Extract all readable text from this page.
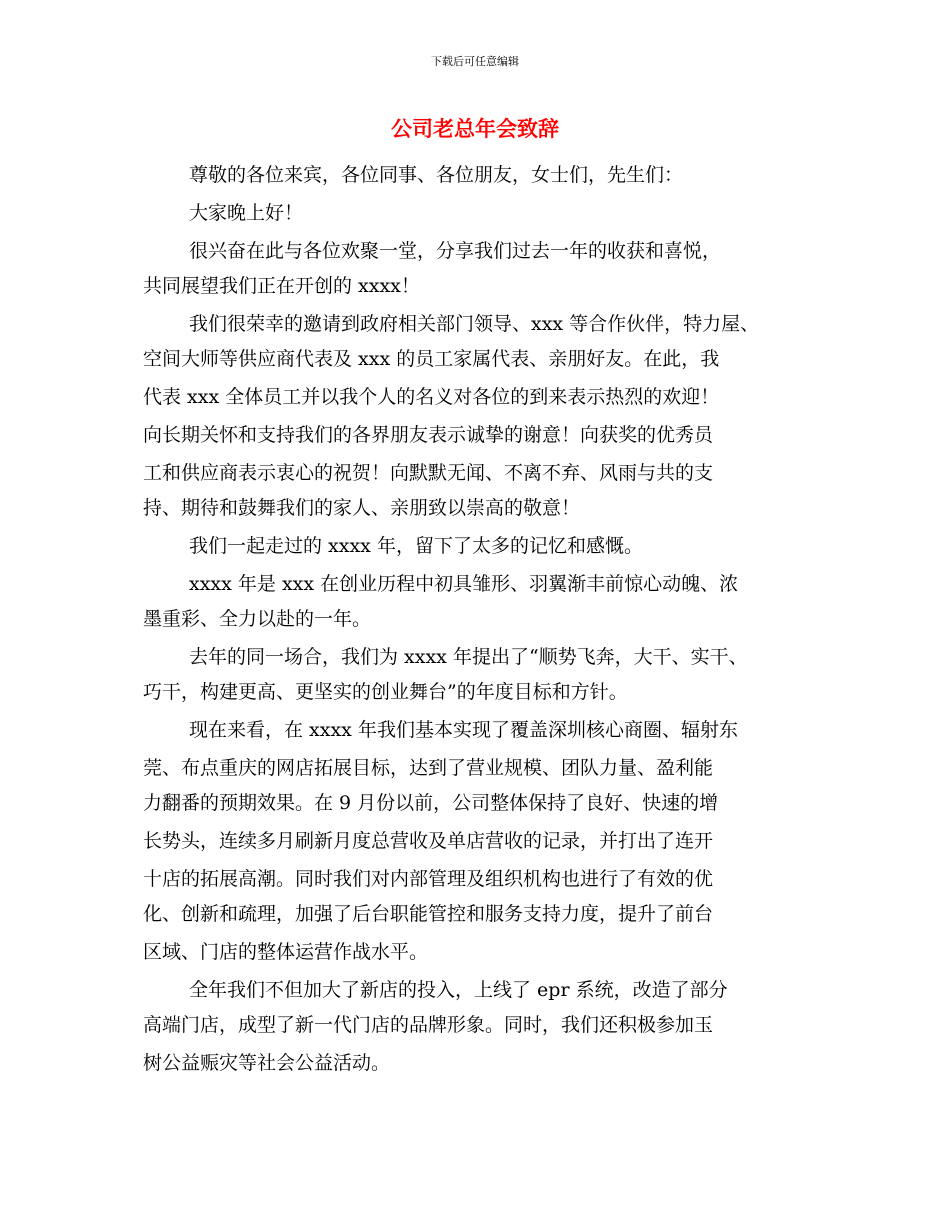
下载后可任意编辑
公司老总年会致辞
尊敬的各位来宾，各位同事、各位朋友，女士们，先生们：
大家晚上好！
很兴奋在此与各位欢聚一堂，分享我们过去一年的收获和喜悦，
共同展望我们正在开创的 xxxx！
我们很荣幸的邀请到政府相关部门领导、xxx 等合作伙伴，特力屋、
空间大师等供应商代表及 xxx 的员工家属代表、亲朋好友。在此，我
代表 xxx 全体员工并以我个人的名义对各位的到来表示热烈的欢迎！
向长期关怀和支持我们的各界朋友表示诚挚的谢意！向获奖的优秀员
工和供应商表示衷心的祝贺！向默默无闻、不离不弃、风雨与共的支
持、期待和鼓舞我们的家人、亲朋致以崇高的敬意！
我们一起走过的 xxxx 年，留下了太多的记忆和感慨。
xxxx 年是 xxx 在创业历程中初具雏形、羽翼渐丰前惊心动魄、浓
墨重彩、全力以赴的一年。
去年的同一场合，我们为 xxxx 年提出了“顺势飞奔，大干、实干、
巧干，构建更高、更坚实的创业舞台”的年度目标和方针。
现在来看，在 xxxx 年我们基本实现了覆盖深圳核心商圈、辐射东
莞、布点重庆的网店拓展目标，达到了营业规模、团队力量、盈利能
力翻番的预期效果。在 9 月份以前，公司整体保持了良好、快速的增
长势头，连续多月刷新月度总营收及单店营收的记录，并打出了连开
十店的拓展高潮。同时我们对内部管理及组织机构也进行了有效的优
化、创新和疏理，加强了后台职能管控和服务支持力度，提升了前台
区域、门店的整体运营作战水平。
全年我们不但加大了新店的投入，上线了 epr 系统，改造了部分
高端门店，成型了新一代门店的品牌形象。同时，我们还积极参加玉
树公益赈灾等社会公益活动。
